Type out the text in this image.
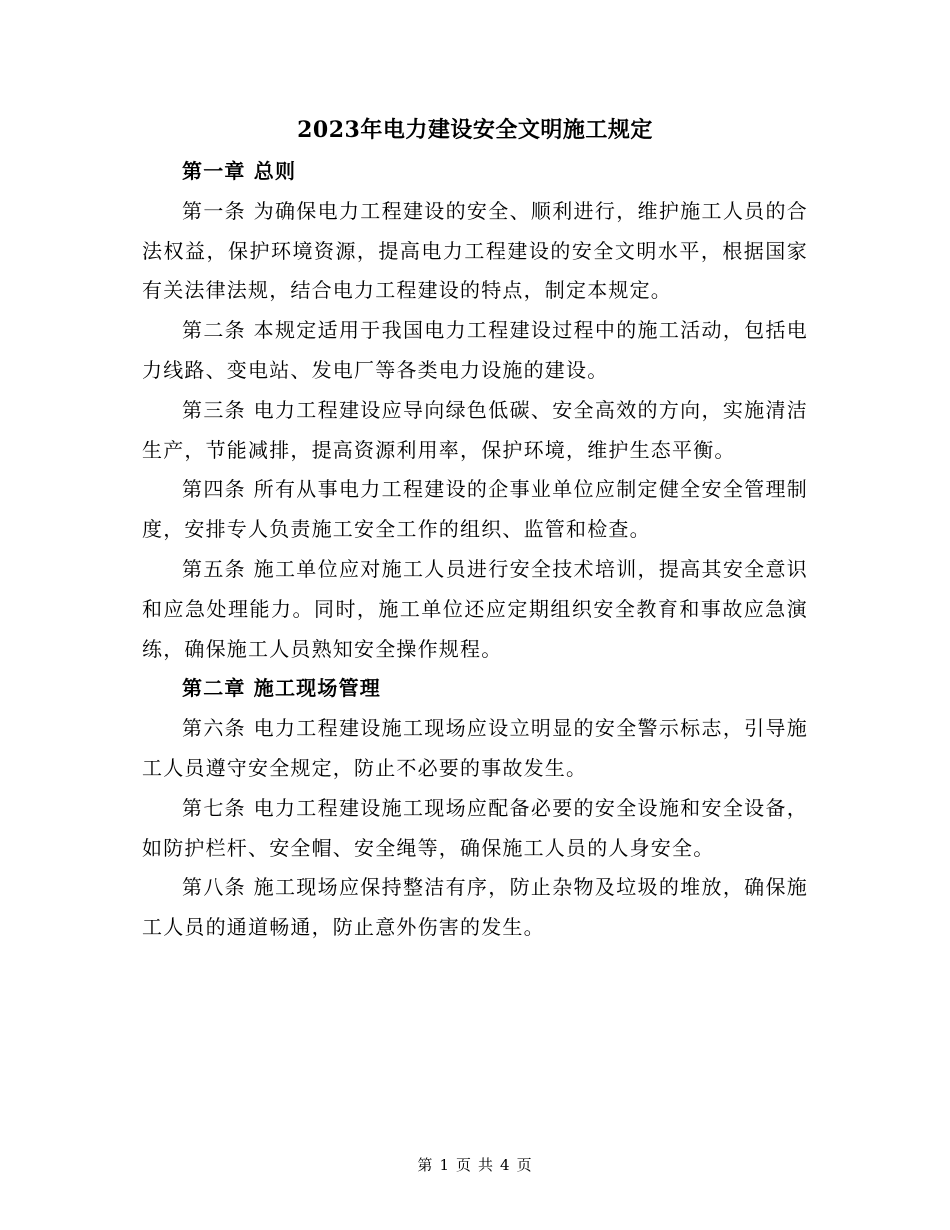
2023年电力建设安全文明施工规定

第一章 总则

第一条 为确保电力工程建设的安全、顺利进行，维护施工人员的合法权益，保护环境资源，提高电力工程建设的安全文明水平，根据国家有关法律法规，结合电力工程建设的特点，制定本规定。

第二条 本规定适用于我国电力工程建设过程中的施工活动，包括电力线路、变电站、发电厂等各类电力设施的建设。

第三条 电力工程建设应导向绿色低碳、安全高效的方向，实施清洁生产，节能减排，提高资源利用率，保护环境，维护生态平衡。

第四条 所有从事电力工程建设的企事业单位应制定健全安全管理制度，安排专人负责施工安全工作的组织、监管和检查。

第五条 施工单位应对施工人员进行安全技术培训，提高其安全意识和应急处理能力。同时，施工单位还应定期组织安全教育和事故应急演练，确保施工人员熟知安全操作规程。

第二章 施工现场管理

第六条 电力工程建设施工现场应设立明显的安全警示标志，引导施工人员遵守安全规定，防止不必要的事故发生。

第七条 电力工程建设施工现场应配备必要的安全设施和安全设备，如防护栏杆、安全帽、安全绳等，确保施工人员的人身安全。

第八条 施工现场应保持整洁有序，防止杂物及垃圾的堆放，确保施工人员的通道畅通，防止意外伤害的发生。

第 1 页 共 4 页
